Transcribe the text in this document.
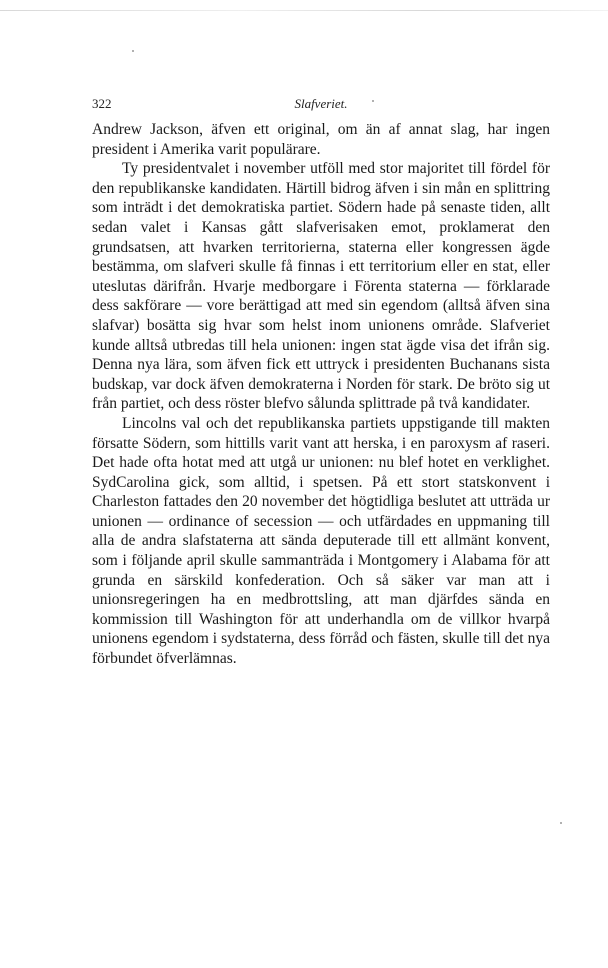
322	Slafveriet.

Andrew Jackson, äfven ett original, om än af annat slag, har ingen president i Amerika varit populärare.

Ty presidentvalet i november utföll med stor majoritet till fördel för den republikanske kandidaten. Härtill bidrog äfven i sin mån en splittring som inträdt i det demokratiska partiet. Södern hade på senaste tiden, allt sedan valet i Kansas gått slafverisaken emot, proklamerat den grundsatsen, att hvarken territorierna, staterna eller kongressen ägde bestämma, om slafveri skulle få finnas i ett territorium eller en stat, eller uteslutas därifrån. Hvarje medborgare i Förenta staterna — förklarade dess sakförare — vore berättigad att med sin egendom (alltså äfven sina slafvar) bosätta sig hvar som helst inom unionens område. Slafveriet kunde alltså utbredas till hela unionen: ingen stat ägde visa det ifrån sig. Denna nya lära, som äfven fick ett uttryck i presidenten Buchanans sista budskap, var dock äfven demokraterna i Norden för stark. De bröto sig ut från partiet, och dess röster blefvo sålunda splittrade på två kandidater.

Lincolns val och det republikanska partiets uppstigande till makten försatte Södern, som hittills varit vant att herska, i en paroxysm af raseri. Det hade ofta hotat med att utgå ur unionen: nu blef hotet en verklighet. SydCarolina gick, som alltid, i spetsen. På ett stort statskonvent i Charleston fattades den 20 november det högtidliga beslutet att utträda ur unionen — ordinance of secession — och utfärdades en uppmaning till alla de andra slafstaterna att sända deputerade till ett allmänt konvent, som i följande april skulle sammanträda i Montgomery i Alabama för att grunda en särskild konfederation. Och så säker var man att i unionsregeringen ha en medbrottsling, att man djärfdes sända en kommission till Washington för att underhandla om de villkor hvarpå unionens egendom i sydstaterna, dess förråd och fästen, skulle till det nya förbundet öfverlämnas.
